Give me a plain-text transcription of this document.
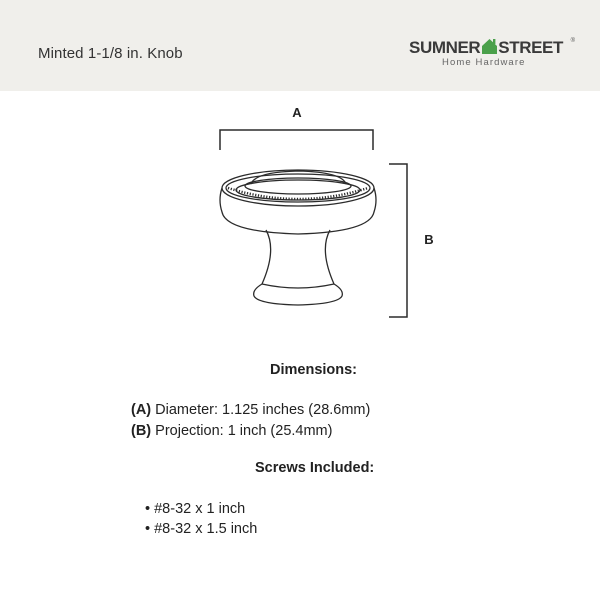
Minted 1-1/8 in. Knob	SUMNER STREET	®
Home Hardware
A
B
Dimensions:
(A) Diameter: 1.125 inches (28.6mm)
(B) Projection: 1 inch (25.4mm)
Screws Included:
• #8-32 x 1 inch
• #8-32 x 1.5 inch
